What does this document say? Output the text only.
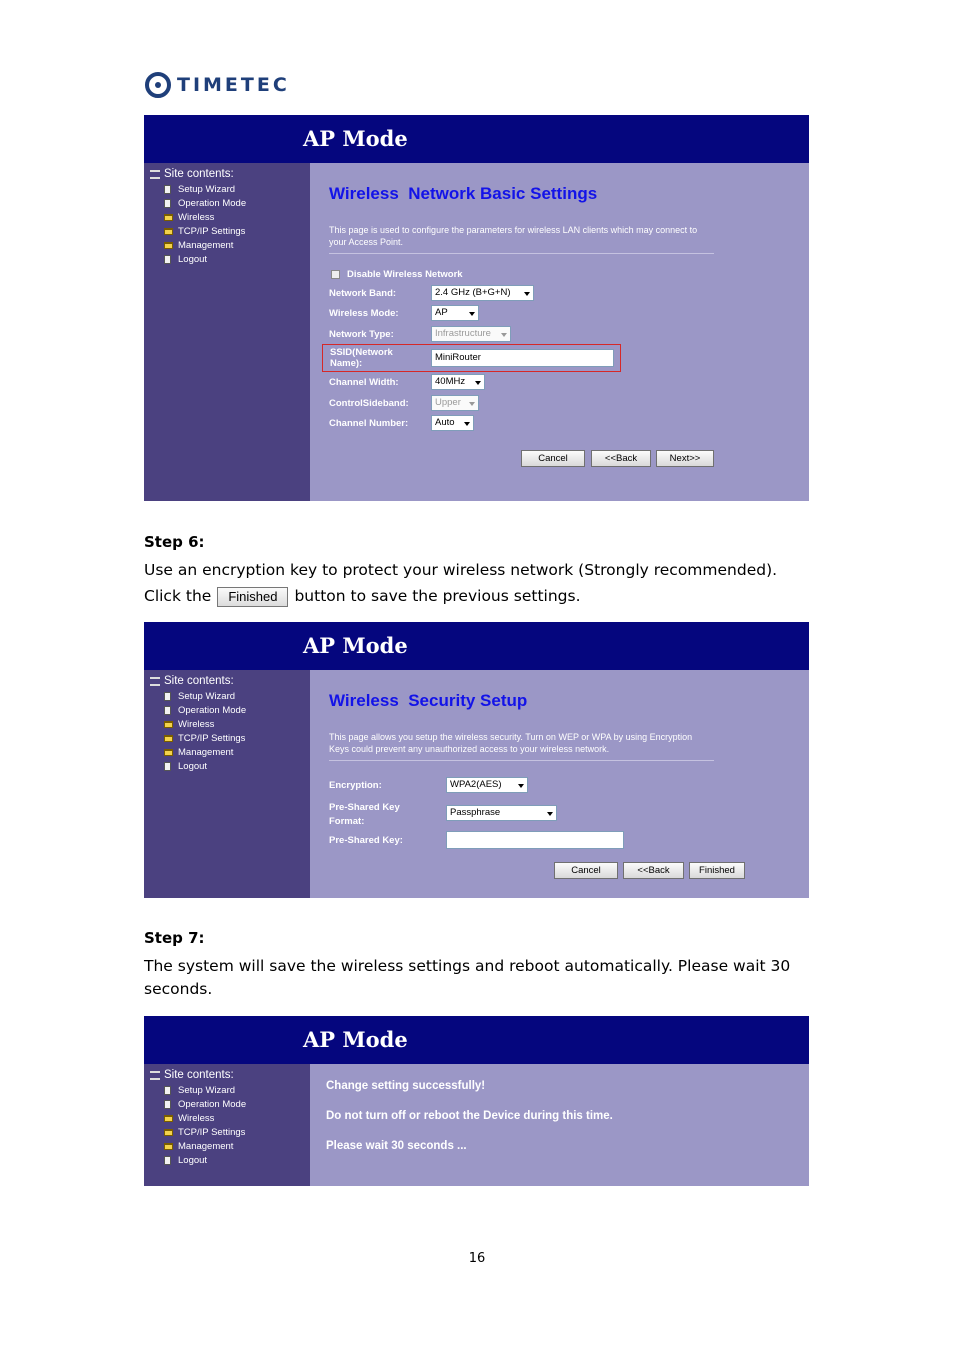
TIMETEC
AP Mode
Site contents:
Setup Wizard
Operation Mode
Wireless
TCP/IP Settings
Management
Logout
Wireless  Network Basic Settings
This page is used to configure the parameters for wireless LAN clients which may connect to your Access Point.
Disable Wireless Network
Network Band:	2.4 GHz (B+G+N)
Wireless Mode:	AP
Network Type:	Infrastructure
SSID(Network Name):
MiniRouter
Channel Width:	40MHz
ControlSideband:	Upper
Channel Number:	Auto
Cancel	<<Back	Next>>
Step 6:
Use an encryption key to protect your wireless network (Strongly recommended).
Click the Finished button to save the previous settings.
AP Mode
Site contents:
Setup Wizard
Operation Mode
Wireless
TCP/IP Settings
Management
Logout
Wireless  Security Setup
This page allows you setup the wireless security. Turn on WEP or WPA by using Encryption Keys could prevent any unauthorized access to your wireless network.
Encryption:	WPA2(AES)
Pre-Shared Key Format:
Passphrase
Pre-Shared Key:
Cancel	<<Back	Finished
Step 7:
The system will save the wireless settings and reboot automatically. Please wait 30 seconds.
AP Mode
Site contents:
Setup Wizard
Operation Mode
Wireless
TCP/IP Settings
Management
Logout
Change setting successfully!
Do not turn off or reboot the Device during this time.
Please wait 30 seconds ...
16
